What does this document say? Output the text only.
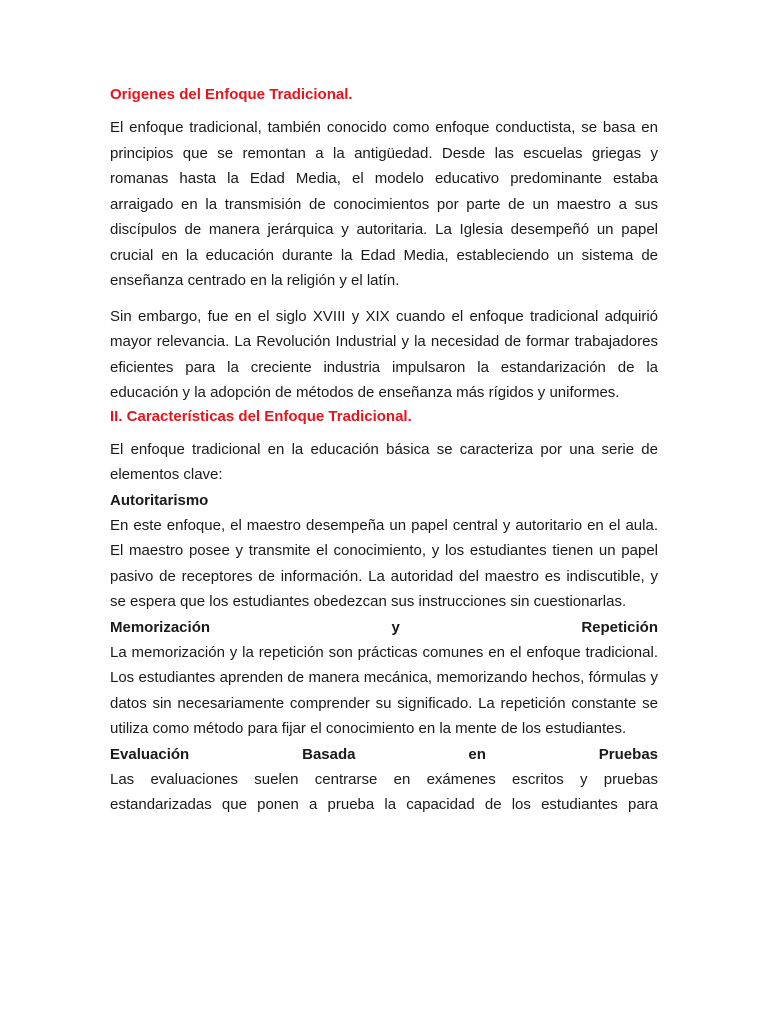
Origenes del Enfoque Tradicional.

El enfoque tradicional, también conocido como enfoque conductista, se basa en principios que se remontan a la antigüedad. Desde las escuelas griegas y romanas hasta la Edad Media, el modelo educativo predominante estaba arraigado en la transmisión de conocimientos por parte de un maestro a sus discípulos de manera jerárquica y autoritaria. La Iglesia desempeñó un papel crucial en la educación durante la Edad Media, estableciendo un sistema de enseñanza centrado en la religión y el latín.

Sin embargo, fue en el siglo XVIII y XIX cuando el enfoque tradicional adquirió mayor relevancia. La Revolución Industrial y la necesidad de formar trabajadores eficientes para la creciente industria impulsaron la estandarización de la educación y la adopción de métodos de enseñanza más rígidos y uniformes.

II. Características del Enfoque Tradicional.

El enfoque tradicional en la educación básica se caracteriza por una serie de elementos clave:

Autoritarismo

En este enfoque, el maestro desempeña un papel central y autoritario en el aula. El maestro posee y transmite el conocimiento, y los estudiantes tienen un papel pasivo de receptores de información. La autoridad del maestro es indiscutible, y se espera que los estudiantes obedezcan sus instrucciones sin cuestionarlas.

Memorización y Repetición

La memorización y la repetición son prácticas comunes en el enfoque tradicional. Los estudiantes aprenden de manera mecánica, memorizando hechos, fórmulas y datos sin necesariamente comprender su significado. La repetición constante se utiliza como método para fijar el conocimiento en la mente de los estudiantes.

Evaluación Basada en Pruebas

Las evaluaciones suelen centrarse en exámenes escritos y pruebas estandarizadas que ponen a prueba la capacidad de los estudiantes para
